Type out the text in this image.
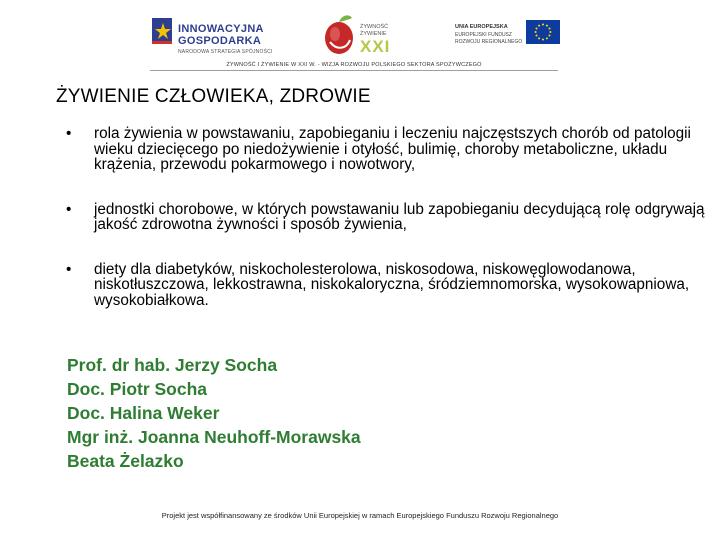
INNOWACYJNA
GOSPODARKA
NARODOWA STRATEGIA SPÓJNOŚCI
ŻYWNOŚĆ
ŻYWIENIE
XXI
UNIA EUROPEJSKA
EUROPEJSKI FUNDUSZ
ROZWOJU REGIONALNEGO
ŻYWNOŚĆ I ŻYWIENIE W XXI W. - WIZJA ROZWOJU POLSKIEGO SEKTORA SPOŻYWCZEGO
ŻYWIENIE CZŁOWIEKA, ZDROWIE
• rola żywienia w powstawaniu, zapobieganiu i leczeniu najczęstszych chorób od patologii wieku dziecięcego po niedożywienie i otyłość, bulimię, choroby metaboliczne, układu krążenia, przewodu pokarmowego i nowotwory,
• jednostki chorobowe, w których powstawaniu lub zapobieganiu decydującą rolę odgrywają jakość zdrowotna żywności i sposób żywienia,
• diety dla diabetyków, niskocholesterolowa, niskosodowa, niskowęglowodanowa, niskotłuszczowa, lekkostrawna, niskokaloryczna, śródziemnomorska, wysokowapniowa, wysokobiałkowa.
Prof. dr hab. Jerzy Socha
Doc. Piotr Socha
Doc. Halina Weker
Mgr inż. Joanna Neuhoff-Morawska
Beata Żelazko
Projekt jest współfinansowany ze środków Unii Europejskiej w ramach Europejskiego Funduszu Rozwoju Regionalnego
